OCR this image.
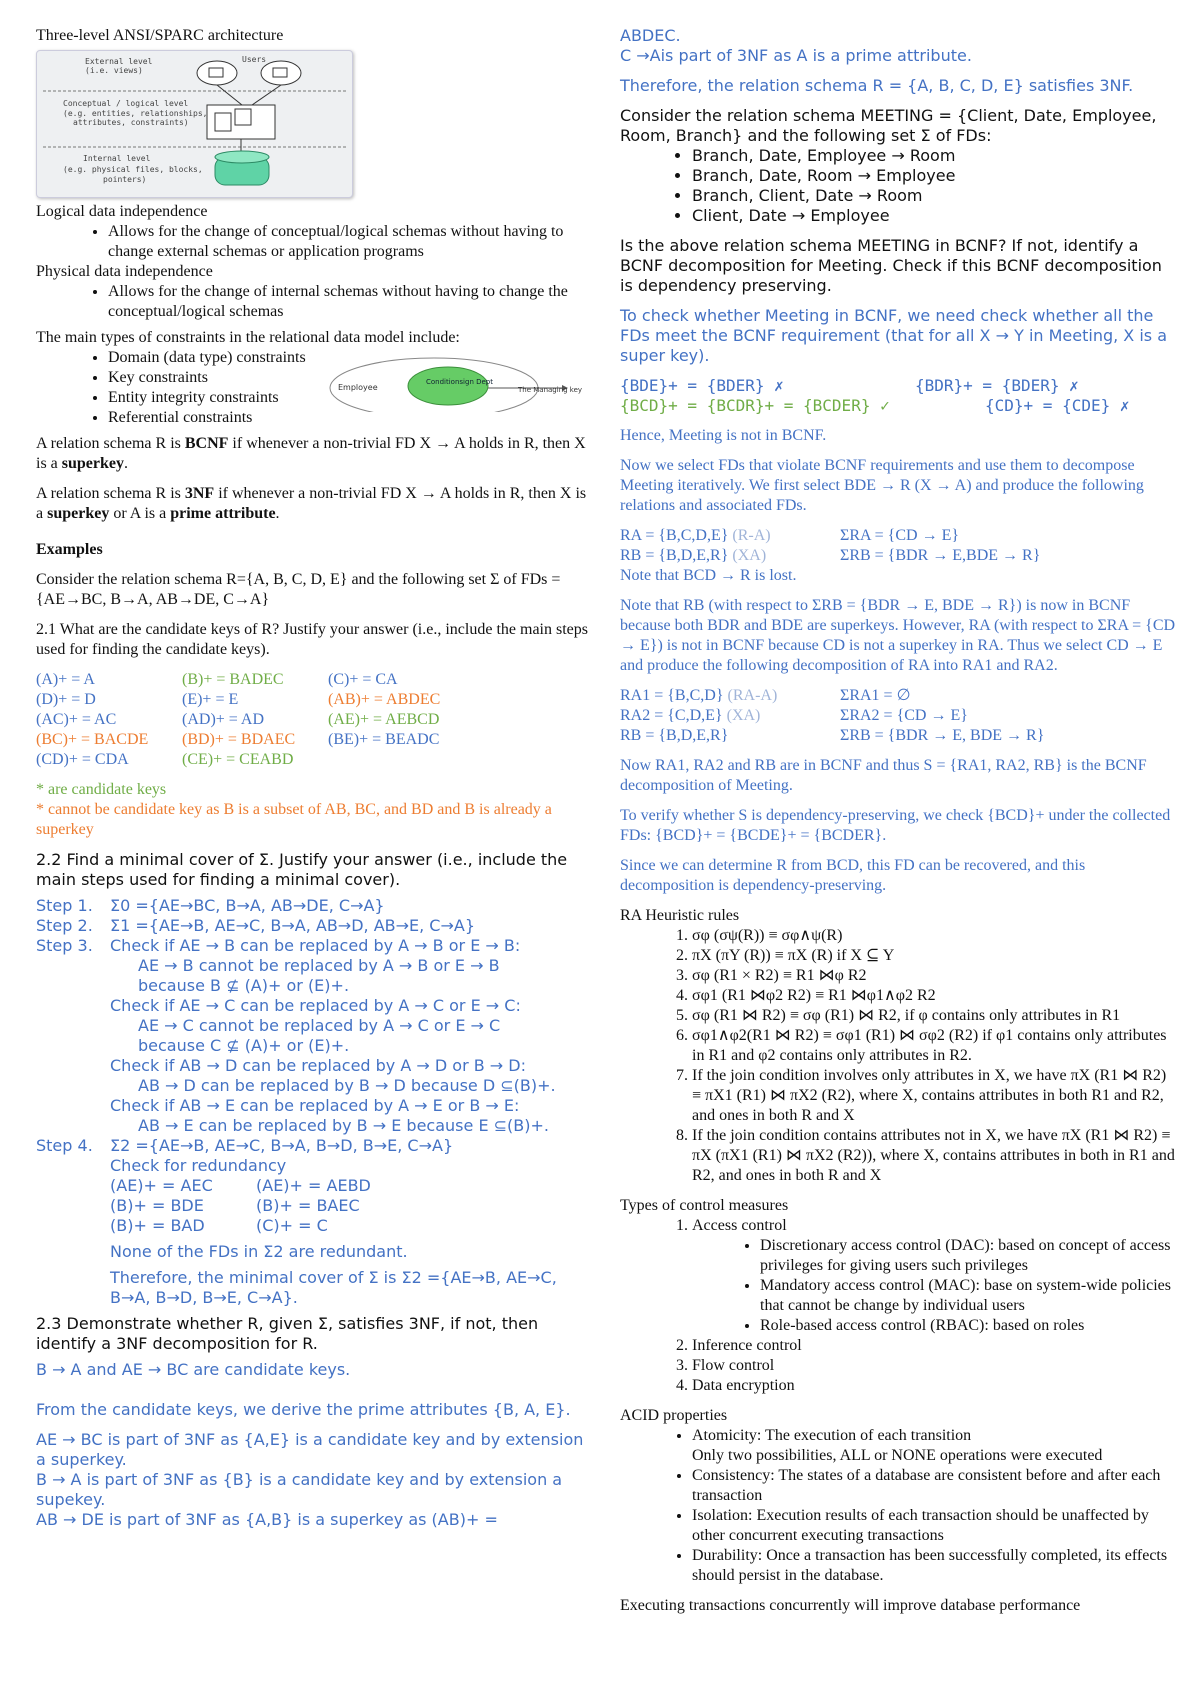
Three-level ANSI/SPARC architecture

External level
(i.e. views)
Users
Conceptual / logical level
(e.g. entities, relationships,
attributes, constraints)
Internal level
(e.g. physical files, blocks,
pointers)

Logical data independence

• Allows for the change of conceptual/logical schemas without having to change external schemas or application programs

Physical data independence

• Allows for the change of internal schemas without having to change the conceptual/logical schemas

The main types of constraints in the relational data model include:

• Domain (data type) constraints
• Key constraints
• Entity integrity constraints
• Referential constraints
Employee
Conditionsign Dept
The Managing key

A relation schema R is BCNF if whenever a non-trivial FD X → A holds in R, then X is a superkey.

A relation schema R is 3NF if whenever a non-trivial FD X → A holds in R, then X is a superkey or A is a prime attribute.

Examples

Consider the relation schema R={A, B, C, D, E} and the following set Σ of FDs = {AE→BC, B→A, AB→DE, C→A}

2.1 What are the candidate keys of R? Justify your answer (i.e., include the main steps used for finding the candidate keys).

(A)+ = A	(B)+ = BADEC	(C)+ = CA
(D)+ = D	(E)+ = E	(AB)+ = ABDEC
(AC)+ = AC	(AD)+ = AD	(AE)+ = AEBCD
(BC)+ = BACDE	(BD)+ = BDAEC	(BE)+ = BEADC
(CD)+ = CDA	(CE)+ = CEABD

* are candidate keys

* cannot be candidate key as B is a subset of AB, BC, and BD and B is already a superkey

2.2 Find a minimal cover of Σ. Justify your answer (i.e., include the main steps used for finding a minimal cover).

Step 1.	Σ0 ={AE→BC, B→A, AB→DE, C→A}
Step 2.	Σ1 ={AE→B, AE→C, B→A, AB→D, AB→E, C→A}
Step 3.	Check if AE → B can be replaced by A → B or E → B:
AE → B cannot be replaced by A → B or E → B
because B ⊈ (A)+ or (E)+.
Check if AE → C can be replaced by A → C or E → C:
AE → C cannot be replaced by A → C or E → C
because C ⊈ (A)+ or (E)+.
Check if AB → D can be replaced by A → D or B → D:
AB → D can be replaced by B → D because D ⊆(B)+.
Check if AB → E can be replaced by A → E or B → E:
AB → E can be replaced by B → E because E ⊆(B)+.
Step 4.	Σ2 ={AE→B, AE→C, B→A, B→D, B→E, C→A}
Check for redundancy
(AE)+ = AEC	(AE)+ = AEBD
(B)+ = BDE	(B)+ = BAEC
(B)+ = BAD	(C)+ = C
None of the FDs in Σ2 are redundant.
Therefore, the minimal cover of Σ is Σ2 ={AE→B, AE→C, B→A, B→D, B→E, C→A}.

2.3 Demonstrate whether R, given Σ, satisfies 3NF, if not, then identify a 3NF decomposition for R.

B → A and AE → BC are candidate keys.

From the candidate keys, we derive the prime attributes {B, A, E}.

AE → BC is part of 3NF as {A,E} is a candidate key and by extension a superkey.

B → A is part of 3NF as {B} is a candidate key and by extension a supekey.

AB → DE is part of 3NF as {A,B} is a superkey as (AB)+ =

ABDEC.

C →Ais part of 3NF as A is a prime attribute.

Therefore, the relation schema R = {A, B, C, D, E} satisfies 3NF.

Consider the relation schema MEETING = {Client, Date, Employee, Room, Branch} and the following set Σ of FDs:

• Branch, Date, Employee → Room
• Branch, Date, Room → Employee
• Branch, Client, Date → Room
• Client, Date → Employee

Is the above relation schema MEETING in BCNF? If not, identify a BCNF decomposition for Meeting. Check if this BCNF decomposition is dependency preserving.

To check whether Meeting in BCNF, we need check whether all the FDs meet the BCNF requirement (that for all X → Y in Meeting, X is a super key).

{BDE}+ = {BDER} ✗	{BDR}+ = {BDER} ✗
{BCD}+ = {BCDR}+ = {BCDER} ✓	{CD}+ = {CDE} ✗

Hence, Meeting is not in BCNF.

Now we select FDs that violate BCNF requirements and use them to decompose Meeting iteratively. We first select BDE → R (X → A) and produce the following relations and associated FDs.

RA = {B,C,D,E} (R-A)	ΣRA = {CD → E}
RB = {B,D,E,R} (XA)	ΣRB = {BDR → E,BDE → R}
Note that BCD → R is lost.

Note that RB (with respect to ΣRB = {BDR → E, BDE → R}) is now in BCNF because both BDR and BDE are superkeys. However, RA (with respect to ΣRA = {CD → E}) is not in BCNF because CD is not a superkey in RA. Thus we select CD → E and produce the following decomposition of RA into RA1 and RA2.

RA1 = {B,C,D} (RA-A)	ΣRA1 = ∅
RA2 = {C,D,E} (XA)	ΣRA2 = {CD → E}
RB = {B,D,E,R}	ΣRB = {BDR → E, BDE → R}

Now RA1, RA2 and RB are in BCNF and thus S = {RA1, RA2, RB} is the BCNF decomposition of Meeting.

To verify whether S is dependency-preserving, we check {BCD}+ under the collected FDs: {BCD}+ = {BCDE}+ = {BCDER}.

Since we can determine R from BCD, this FD can be recovered, and this decomposition is dependency-preserving.

RA Heuristic rules

1. σφ (σψ(R)) ≡ σφ∧ψ(R)
2. πX (πY (R)) ≡ πX (R) if X ⊆ Y
3. σφ (R1 × R2) ≡ R1 ⋈φ R2
4. σφ1 (R1 ⋈φ2 R2) ≡ R1 ⋈φ1∧φ2 R2
5. σφ (R1 ⋈ R2) ≡ σφ (R1) ⋈ R2, if φ contains only attributes in R1
6. σφ1∧φ2(R1 ⋈ R2) ≡ σφ1 (R1) ⋈ σφ2 (R2) if φ1 contains only attributes in R1 and φ2 contains only attributes in R2.
7. If the join condition involves only attributes in X, we have πX (R1 ⋈ R2) ≡ πX1 (R1) ⋈ πX2 (R2), where X, contains attributes in both R1 and R2, and ones in both R and X
8. If the join condition contains attributes not in X, we have πX (R1 ⋈ R2) ≡ πX (πX1 (R1) ⋈ πX2 (R2)), where X, contains attributes in both in R1 and R2, and ones in both R and X

Types of control measures

1. Access control
• Discretionary access control (DAC): based on concept of access privileges for giving users such privileges
• Mandatory access control (MAC): base on system-wide policies that cannot be change by individual users
• Role-based access control (RBAC): based on roles
2. Inference control
3. Flow control
4. Data encryption

ACID properties

• Atomicity: The execution of each transition
Only two possibilities, ALL or NONE operations were executed
• Consistency: The states of a database are consistent before and after each transaction
• Isolation: Execution results of each transaction should be unaffected by other concurrent executing transactions
• Durability: Once a transaction has been successfully completed, its effects should persist in the database.

Executing transactions concurrently will improve database performance
